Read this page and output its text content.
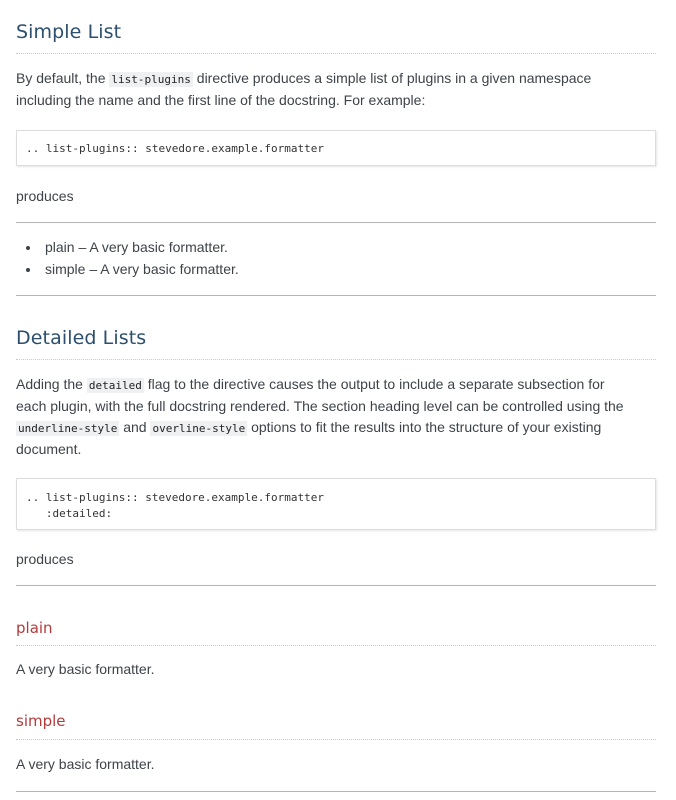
Simple List

By default, the list-plugins directive produces a simple list of plugins in a given namespace
including the name and the first line of the docstring. For example:

.. list-plugins:: stevedore.example.formatter

produces

• plain – A very basic formatter.
• simple – A very basic formatter.
Detailed Lists

Adding the detailed flag to the directive causes the output to include a separate subsection for
each plugin, with the full docstring rendered. The section heading level can be controlled using the
underline-style and overline-style options to fit the results into the structure of your existing
document.

.. list-plugins:: stevedore.example.formatter
:detailed:

produces

plain

A very basic formatter.

simple

A very basic formatter.
